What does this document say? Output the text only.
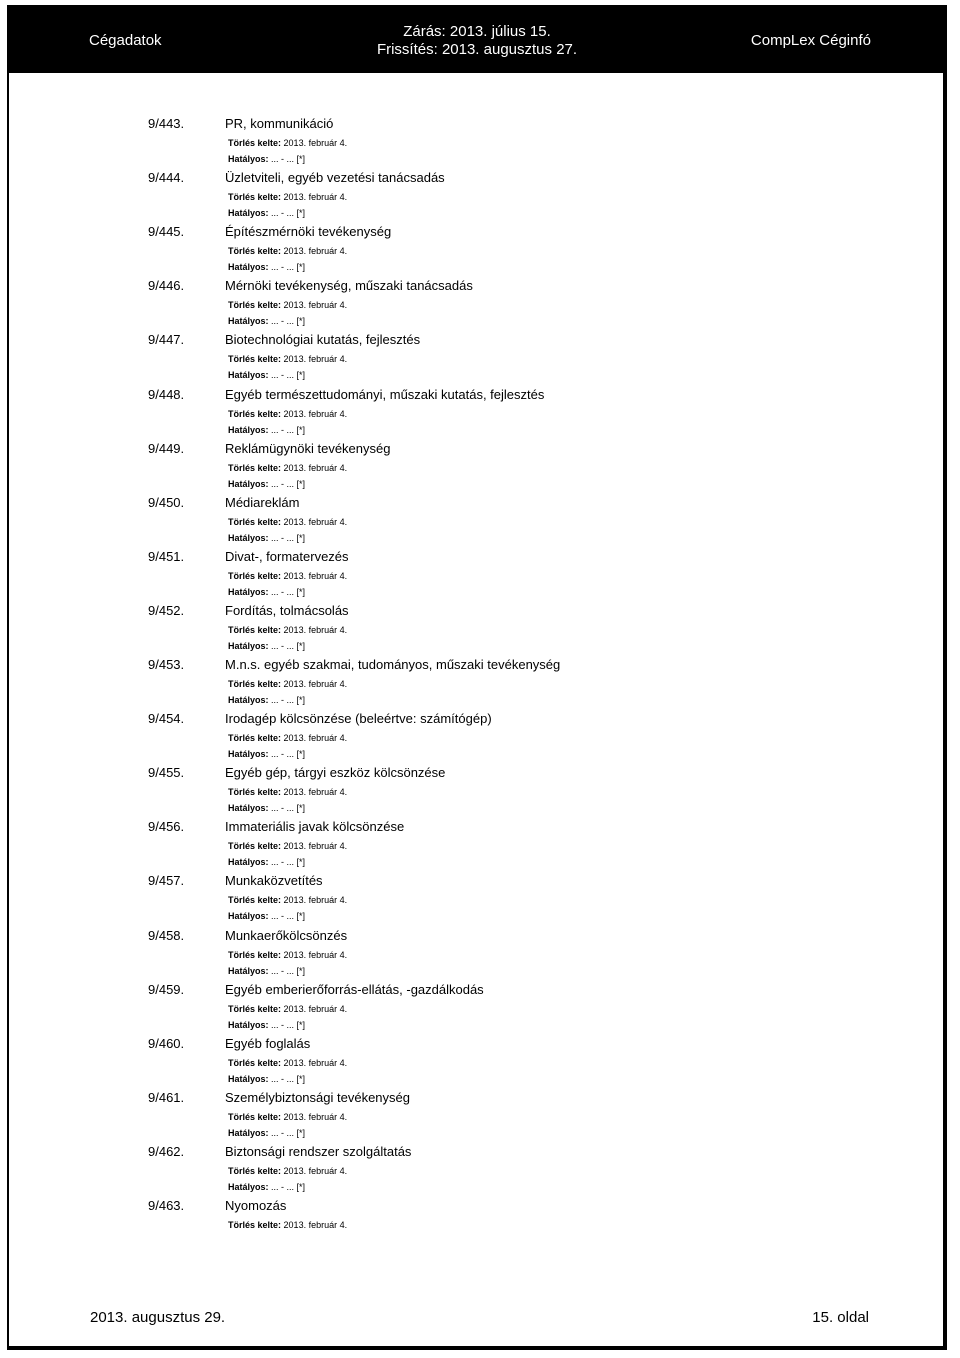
Cégadatok
Zárás: 2013. július 15.
Frissítés: 2013. augusztus 27.
CompLex Céginfó
9/443.	PR, kommunikáció
Törlés kelte: 2013. február 4.
Hatályos: ... - ... [*]
9/444.	Üzletviteli, egyéb vezetési tanácsadás
Törlés kelte: 2013. február 4.
Hatályos: ... - ... [*]
9/445.	Építészmérnöki tevékenység
Törlés kelte: 2013. február 4.
Hatályos: ... - ... [*]
9/446.	Mérnöki tevékenység, műszaki tanácsadás
Törlés kelte: 2013. február 4.
Hatályos: ... - ... [*]
9/447.	Biotechnológiai kutatás, fejlesztés
Törlés kelte: 2013. február 4.
Hatályos: ... - ... [*]
9/448.	Egyéb természettudományi, műszaki kutatás, fejlesztés
Törlés kelte: 2013. február 4.
Hatályos: ... - ... [*]
9/449.	Reklámügynöki tevékenység
Törlés kelte: 2013. február 4.
Hatályos: ... - ... [*]
9/450.	Médiareklám
Törlés kelte: 2013. február 4.
Hatályos: ... - ... [*]
9/451.	Divat-, formatervezés
Törlés kelte: 2013. február 4.
Hatályos: ... - ... [*]
9/452.	Fordítás, tolmácsolás
Törlés kelte: 2013. február 4.
Hatályos: ... - ... [*]
9/453.	M.n.s. egyéb szakmai, tudományos, műszaki tevékenység
Törlés kelte: 2013. február 4.
Hatályos: ... - ... [*]
9/454.	Irodagép kölcsönzése (beleértve: számítógép)
Törlés kelte: 2013. február 4.
Hatályos: ... - ... [*]
9/455.	Egyéb gép, tárgyi eszköz kölcsönzése
Törlés kelte: 2013. február 4.
Hatályos: ... - ... [*]
9/456.	Immateriális javak kölcsönzése
Törlés kelte: 2013. február 4.
Hatályos: ... - ... [*]
9/457.	Munkaközvetítés
Törlés kelte: 2013. február 4.
Hatályos: ... - ... [*]
9/458.	Munkaerőkölcsönzés
Törlés kelte: 2013. február 4.
Hatályos: ... - ... [*]
9/459.	Egyéb emberierőforrás-ellátás, -gazdálkodás
Törlés kelte: 2013. február 4.
Hatályos: ... - ... [*]
9/460.	Egyéb foglalás
Törlés kelte: 2013. február 4.
Hatályos: ... - ... [*]
9/461.	Személybiztonsági tevékenység
Törlés kelte: 2013. február 4.
Hatályos: ... - ... [*]
9/462.	Biztonsági rendszer szolgáltatás
Törlés kelte: 2013. február 4.
Hatályos: ... - ... [*]
9/463.	Nyomozás
Törlés kelte: 2013. február 4.
2013. augusztus 29.	15. oldal
